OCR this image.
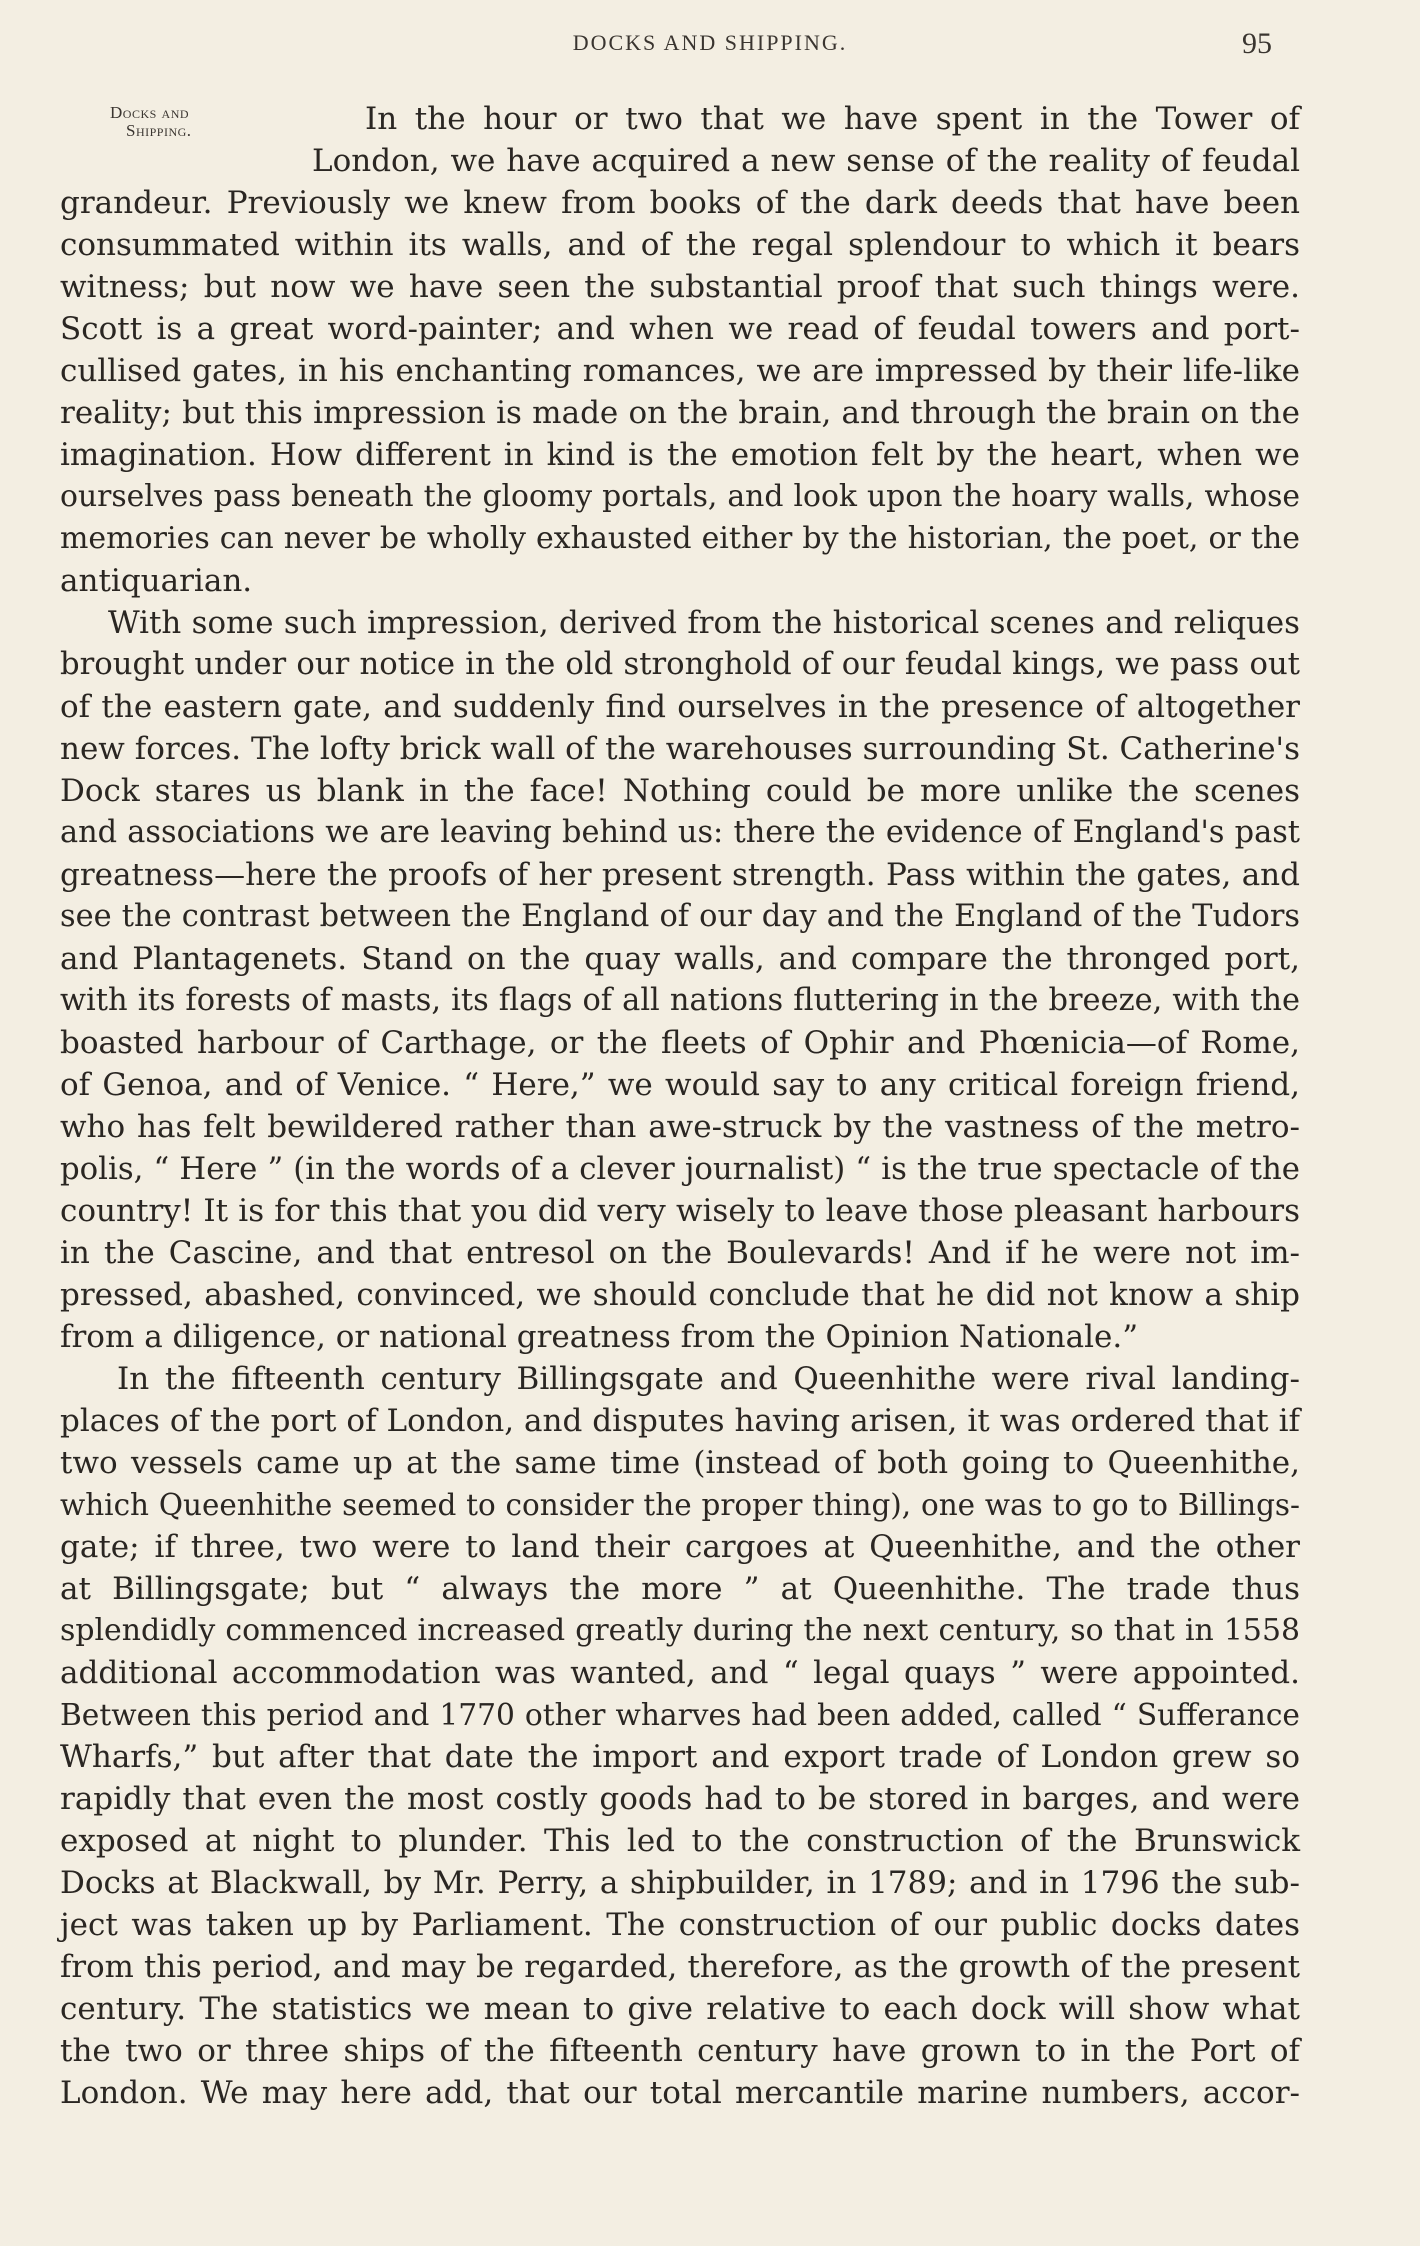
DOCKS AND SHIPPING.	95
Docks and
Shipping.	In the hour or two that we have spent in the Tower of
London, we have acquired a new sense of the reality of feudal
grandeur. Previously we knew from books of the dark deeds that have been
consummated within its walls, and of the regal splendour to which it bears
witness; but now we have seen the substantial proof that such things were.
Scott is a great word-painter; and when we read of feudal towers and port-
cullised gates, in his enchanting romances, we are impressed by their life-like
reality; but this impression is made on the brain, and through the brain on the
imagination. How different in kind is the emotion felt by the heart, when we
ourselves pass beneath the gloomy portals, and look upon the hoary walls, whose
memories can never be wholly exhausted either by the historian, the poet, or the
antiquarian.

With some such impression, derived from the historical scenes and reliques
brought under our notice in the old stronghold of our feudal kings, we pass out
of the eastern gate, and suddenly find ourselves in the presence of altogether
new forces. The lofty brick wall of the warehouses surrounding St. Catherine's
Dock stares us blank in the face! Nothing could be more unlike the scenes
and associations we are leaving behind us: there the evidence of England's past
greatness—here the proofs of her present strength. Pass within the gates, and
see the contrast between the England of our day and the England of the Tudors
and Plantagenets. Stand on the quay walls, and compare the thronged port,
with its forests of masts, its flags of all nations fluttering in the breeze, with the
boasted harbour of Carthage, or the fleets of Ophir and Phœnicia—of Rome,
of Genoa, and of Venice. “ Here,” we would say to any critical foreign friend,
who has felt bewildered rather than awe-struck by the vastness of the metro-
polis, “ Here ” (in the words of a clever journalist) “ is the true spectacle of the
country! It is for this that you did very wisely to leave those pleasant harbours
in the Cascine, and that entresol on the Boulevards! And if he were not im-
pressed, abashed, convinced, we should conclude that he did not know a ship
from a diligence, or national greatness from the Opinion Nationale.”

In the fifteenth century Billingsgate and Queenhithe were rival landing-
places of the port of London, and disputes having arisen, it was ordered that if
two vessels came up at the same time (instead of both going to Queenhithe,
which Queenhithe seemed to consider the proper thing), one was to go to Billings-
gate; if three, two were to land their cargoes at Queenhithe, and the other
at Billingsgate; but “ always the more ” at Queenhithe. The trade thus
splendidly commenced increased greatly during the next century, so that in 1558
additional accommodation was wanted, and “ legal quays ” were appointed.
Between this period and 1770 other wharves had been added, called “ Sufferance
Wharfs,” but after that date the import and export trade of London grew so
rapidly that even the most costly goods had to be stored in barges, and were
exposed at night to plunder. This led to the construction of the Brunswick
Docks at Blackwall, by Mr. Perry, a shipbuilder, in 1789; and in 1796 the sub-
ject was taken up by Parliament. The construction of our public docks dates
from this period, and may be regarded, therefore, as the growth of the present
century. The statistics we mean to give relative to each dock will show what
the two or three ships of the fifteenth century have grown to in the Port of
London. We may here add, that our total mercantile marine numbers, accor-
